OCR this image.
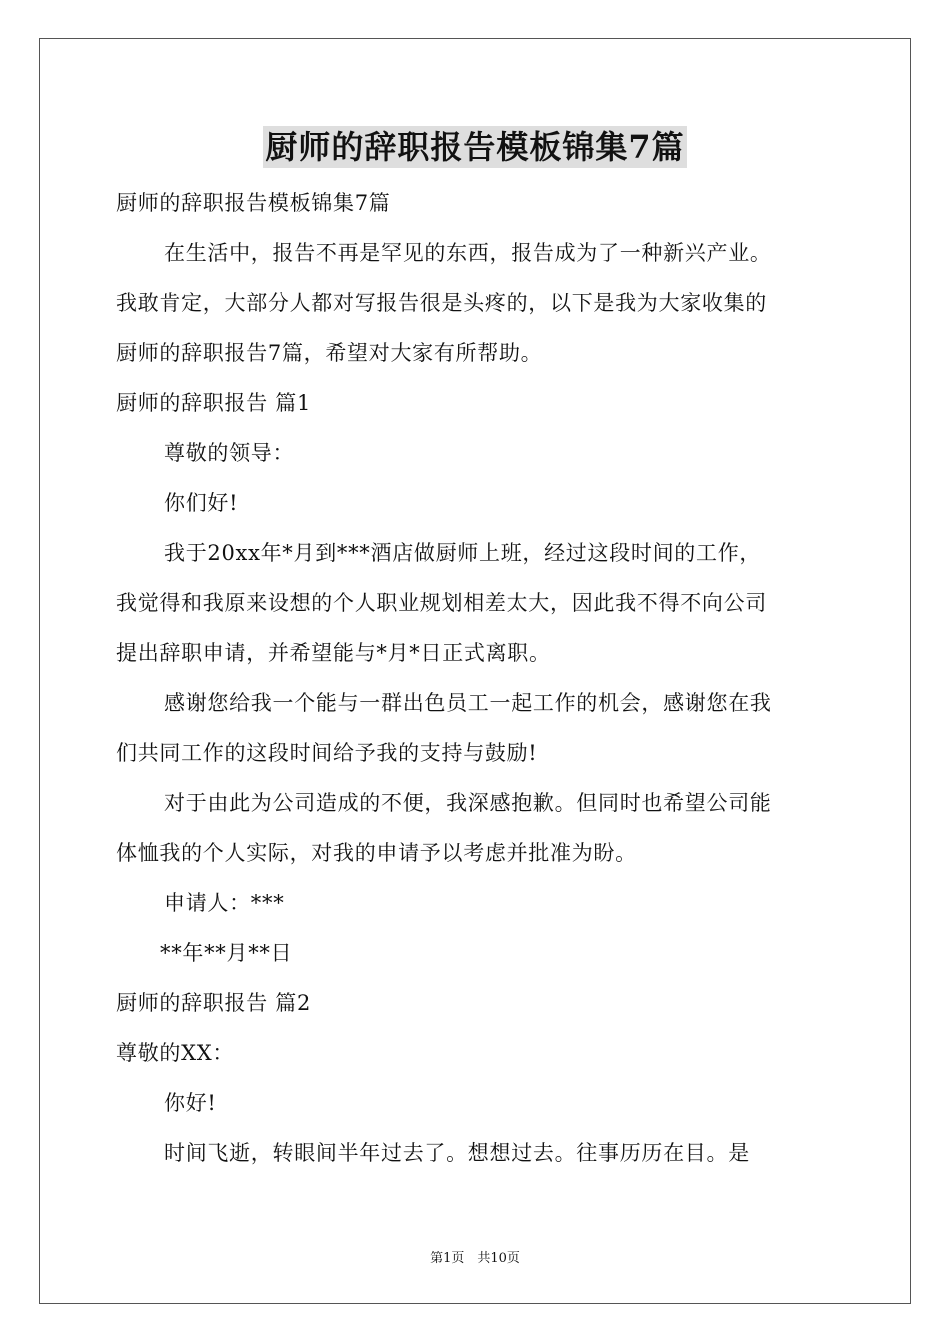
厨师的辞职报告模板锦集7篇
厨师的辞职报告模板锦集7篇
在生活中，报告不再是罕见的东西，报告成为了一种新兴产业。
我敢肯定，大部分人都对写报告很是头疼的，以下是我为大家收集的
厨师的辞职报告7篇，希望对大家有所帮助。
厨师的辞职报告 篇1
尊敬的领导：
你们好!
我于20xx年*月到***酒店做厨师上班，经过这段时间的工作，
我觉得和我原来设想的个人职业规划相差太大，因此我不得不向公司
提出辞职申请，并希望能与*月*日正式离职。
感谢您给我一个能与一群出色员工一起工作的机会，感谢您在我
们共同工作的这段时间给予我的支持与鼓励!
对于由此为公司造成的不便，我深感抱歉。但同时也希望公司能
体恤我的个人实际，对我的申请予以考虑并批准为盼。
申请人：***
**年**月**日
厨师的辞职报告 篇2
尊敬的XX：
你好!
时间飞逝，转眼间半年过去了。想想过去。往事历历在目。是
第1页　共10页
